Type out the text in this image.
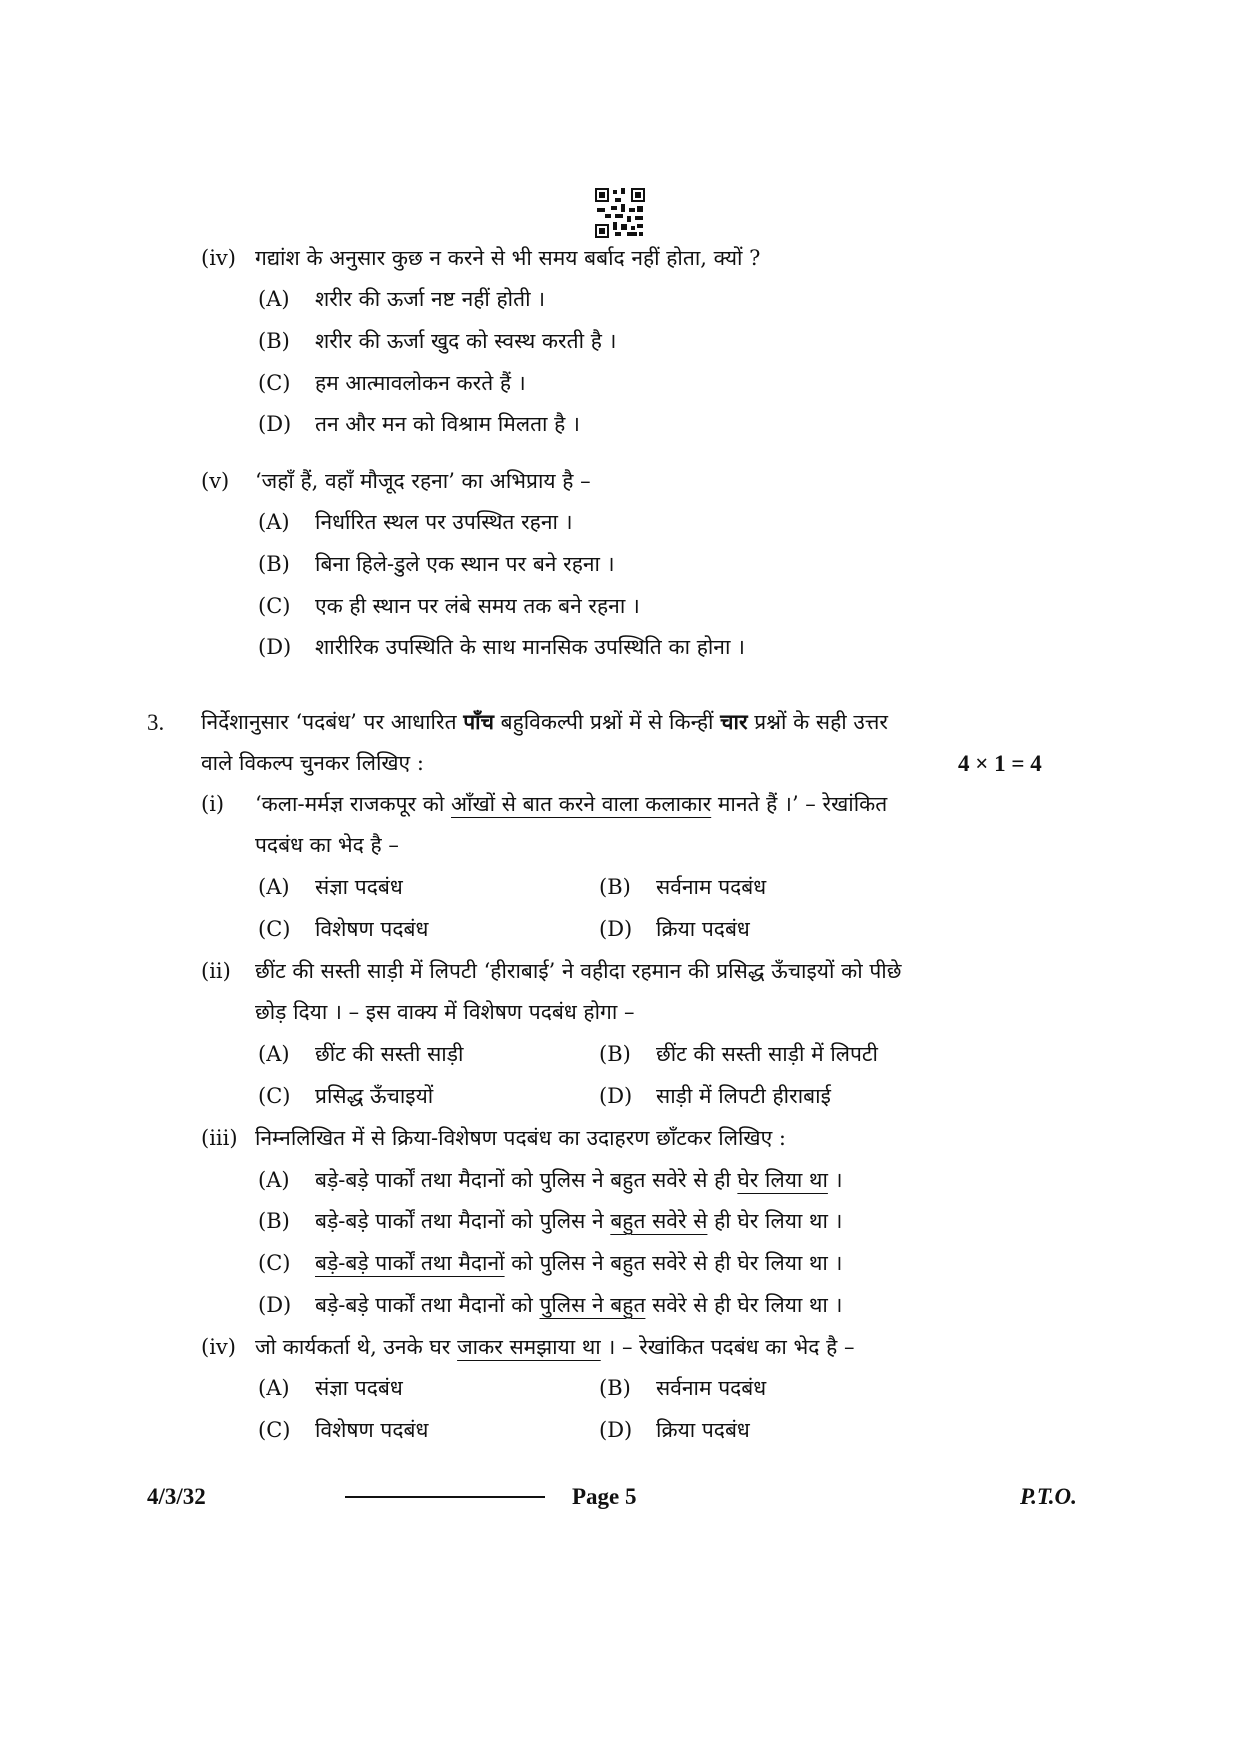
(iv) गद्यांश के अनुसार कुछ न करने से भी समय बर्बाद नहीं होता, क्यों ?
(A) शरीर की ऊर्जा नष्ट नहीं होती ।
(B) शरीर की ऊर्जा खुद को स्वस्थ करती है ।
(C) हम आत्मावलोकन करते हैं ।
(D) तन और मन को विश्राम मिलता है ।
(v) ‘जहाँ हैं, वहाँ मौजूद रहना’ का अभिप्राय है –
(A) निर्धारित स्थल पर उपस्थित रहना ।
(B) बिना हिले-डुले एक स्थान पर बने रहना ।
(C) एक ही स्थान पर लंबे समय तक बने रहना ।
(D) शारीरिक उपस्थिति के साथ मानसिक उपस्थिति का होना ।
3. निर्देशानुसार ‘पदबंध’ पर आधारित पाँच बहुविकल्पी प्रश्नों में से किन्हीं चार प्रश्नों के सही उत्तर
वाले विकल्प चुनकर लिखिए :	4 × 1 = 4
(i) ‘कला-मर्मज्ञ राजकपूर को आँखों से बात करने वाला कलाकार मानते हैं ।’ – रेखांकित
पदबंध का भेद है –
(A) संज्ञा पदबंध	(B) सर्वनाम पदबंध
(C) विशेषण पदबंध	(D) क्रिया पदबंध
(ii) छींट की सस्ती साड़ी में लिपटी ‘हीराबाई’ ने वहीदा रहमान की प्रसिद्ध ऊँचाइयों को पीछे
छोड़ दिया । – इस वाक्य में विशेषण पदबंध होगा –
(A) छींट की सस्ती साड़ी	(B) छींट की सस्ती साड़ी में लिपटी
(C) प्रसिद्ध ऊँचाइयों	(D) साड़ी में लिपटी हीराबाई
(iii) निम्नलिखित में से क्रिया-विशेषण पदबंध का उदाहरण छाँटकर लिखिए :
(A) बड़े-बड़े पार्कों तथा मैदानों को पुलिस ने बहुत सवेरे से ही घेर लिया था ।
(B) बड़े-बड़े पार्कों तथा मैदानों को पुलिस ने बहुत सवेरे से ही घेर लिया था ।
(C) बड़े-बड़े पार्कों तथा मैदानों को पुलिस ने बहुत सवेरे से ही घेर लिया था ।
(D) बड़े-बड़े पार्कों तथा मैदानों को पुलिस ने बहुत सवेरे से ही घेर लिया था ।
(iv) जो कार्यकर्ता थे, उनके घर जाकर समझाया था । – रेखांकित पदबंध का भेद है –
(A) संज्ञा पदबंध	(B) सर्वनाम पदबंध
(C) विशेषण पदबंध	(D) क्रिया पदबंध
4/3/32	Page 5	P.T.O.
